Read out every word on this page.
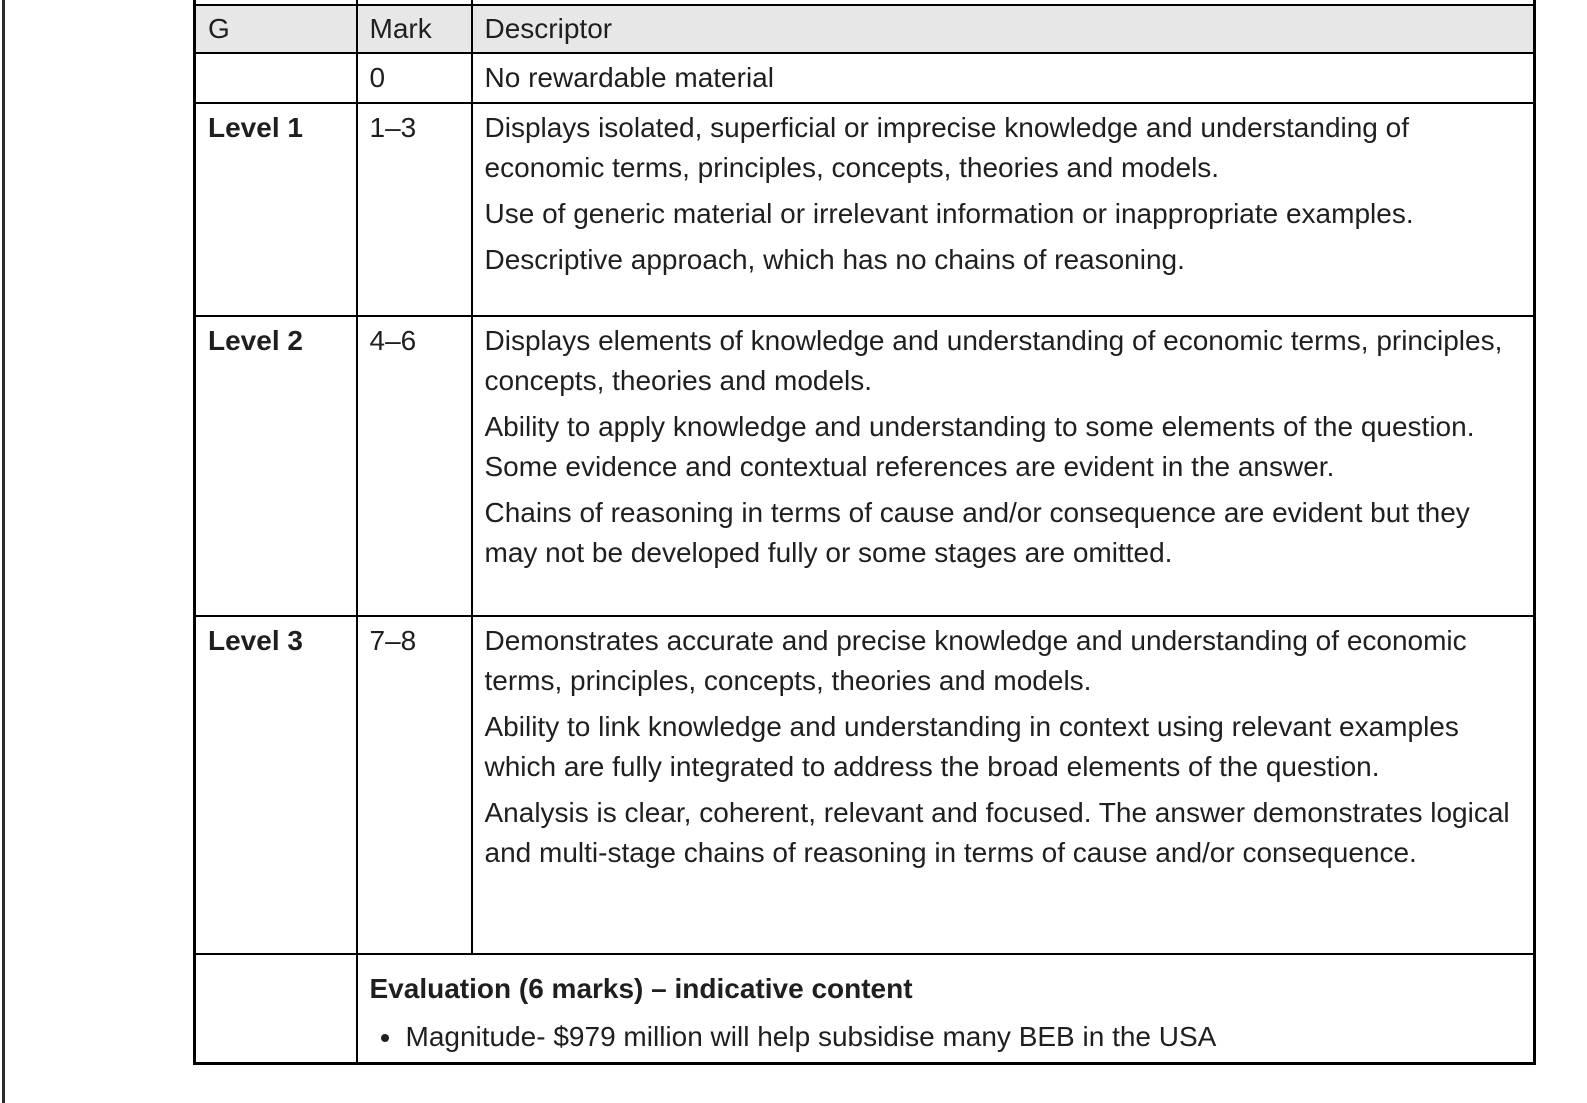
G	Mark	Descriptor
	0	No rewardable material

Level 1	1–3	Displays isolated, superficial or imprecise knowledge and understanding of economic terms, principles, concepts, theories and models.

Use of generic material or irrelevant information or inappropriate examples.

Descriptive approach, which has no chains of reasoning.

Level 2	4–6	Displays elements of knowledge and understanding of economic terms, principles, concepts, theories and models.

Ability to apply knowledge and understanding to some elements of the question. Some evidence and contextual references are evident in the answer.

Chains of reasoning in terms of cause and/or consequence are evident but they may not be developed fully or some stages are omitted.

Level 3	7–8	Demonstrates accurate and precise knowledge and understanding of economic terms, principles, concepts, theories and models.

Ability to link knowledge and understanding in context using relevant examples which are fully integrated to address the broad elements of the question.

Analysis is clear, coherent, relevant and focused. The answer demonstrates logical and multi-stage chains of reasoning in terms of cause and/or consequence.

Evaluation (6 marks) – indicative content

• Magnitude- $979 million will help subsidise many BEB in the USA
